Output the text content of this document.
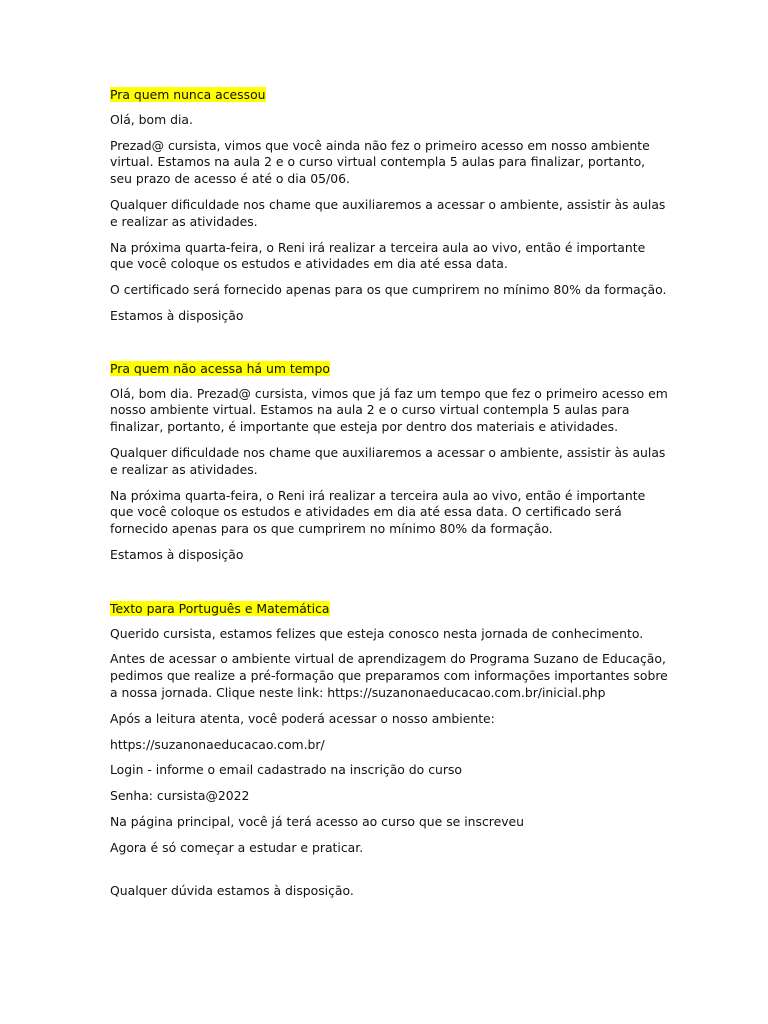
Pra quem nunca acessou

Olá, bom dia.

Prezad@ cursista, vimos que você ainda não fez o primeiro acesso em nosso ambiente virtual. Estamos na aula 2 e o curso virtual contempla 5 aulas para finalizar, portanto, seu prazo de acesso é até o dia 05/06.

Qualquer dificuldade nos chame que auxiliaremos a acessar o ambiente, assistir às aulas e realizar as atividades.

Na próxima quarta-feira, o Reni irá realizar a terceira aula ao vivo, então é importante que você coloque os estudos e atividades em dia até essa data.

O certificado será fornecido apenas para os que cumprirem no mínimo 80% da formação.

Estamos à disposição

Pra quem não acessa há um tempo

Olá, bom dia. Prezad@ cursista, vimos que já faz um tempo que fez o primeiro acesso em nosso ambiente virtual. Estamos na aula 2 e o curso virtual contempla 5 aulas para finalizar, portanto, é importante que esteja por dentro dos materiais e atividades.

Qualquer dificuldade nos chame que auxiliaremos a acessar o ambiente, assistir às aulas e realizar as atividades.

Na próxima quarta-feira, o Reni irá realizar a terceira aula ao vivo, então é importante que você coloque os estudos e atividades em dia até essa data. O certificado será fornecido apenas para os que cumprirem no mínimo 80% da formação.

Estamos à disposição

Texto para Português e Matemática

Querido cursista, estamos felizes que esteja conosco nesta jornada de conhecimento.

Antes de acessar o ambiente virtual de aprendizagem do Programa Suzano de Educação, pedimos que realize a pré-formação que preparamos com informações importantes sobre a nossa jornada. Clique neste link: https://suzanonaeducacao.com.br/inicial.php

Após a leitura atenta, você poderá acessar o nosso ambiente:

https://suzanonaeducacao.com.br/

Login - informe o email cadastrado na inscrição do curso

Senha: cursista@2022

Na página principal, você já terá acesso ao curso que se inscreveu

Agora é só começar a estudar e praticar.

Qualquer dúvida estamos à disposição.
